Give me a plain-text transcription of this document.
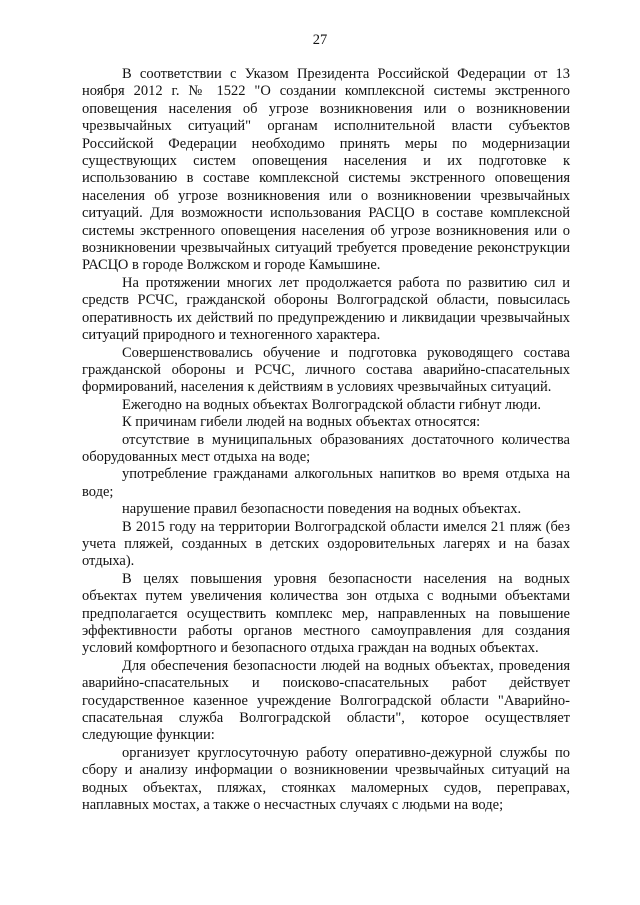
27

В соответствии с Указом Президента Российской Федерации от 13 ноября 2012 г. № 1522 "О создании комплексной системы экстренного оповещения населения об угрозе возникновения или о возникновении чрезвычайных ситуаций" органам исполнительной власти субъектов Российской Федерации необходимо принять меры по модернизации существующих систем оповещения населения и их подготовке к использованию в составе комплексной системы экстренного оповещения населения об угрозе возникновения или о возникновении чрезвычайных ситуаций. Для возможности использования РАСЦО в составе комплексной системы экстренного оповещения населения об угрозе возникновения или о возникновении чрезвычайных ситуаций требуется проведение реконструкции РАСЦО в городе Волжском и городе Камышине.

На протяжении многих лет продолжается работа по развитию сил и средств РСЧС, гражданской обороны Волгоградской области, повысилась оперативность их действий по предупреждению и ликвидации чрезвычайных ситуаций природного и техногенного характера.

Совершенствовались обучение и подготовка руководящего состава гражданской обороны и РСЧС, личного состава аварийно-спасательных формирований, населения к действиям в условиях чрезвычайных ситуаций.

Ежегодно на водных объектах Волгоградской области гибнут люди.

К причинам гибели людей на водных объектах относятся:

отсутствие в муниципальных образованиях достаточного количества оборудованных мест отдыха на воде;

употребление гражданами алкогольных напитков во время отдыха на воде;

нарушение правил безопасности поведения на водных объектах.

В 2015 году на территории Волгоградской области имелся 21 пляж (без учета пляжей, созданных в детских оздоровительных лагерях и на базах отдыха).

В целях повышения уровня безопасности населения на водных объектах путем увеличения количества зон отдыха с водными объектами предполагается осуществить комплекс мер, направленных на повышение эффективности работы органов местного самоуправления для создания условий комфортного и безопасного отдыха граждан на водных объектах.

Для обеспечения безопасности людей на водных объектах, проведения аварийно-спасательных и поисково-спасательных работ действует государственное казенное учреждение Волгоградской области "Аварийно-спасательная служба Волгоградской области", которое осуществляет следующие функции:

организует круглосуточную работу оперативно-дежурной службы по сбору и анализу информации о возникновении чрезвычайных ситуаций на водных объектах, пляжах, стоянках маломерных судов, переправах, наплавных мостах, а также о несчастных случаях с людьми на воде;
